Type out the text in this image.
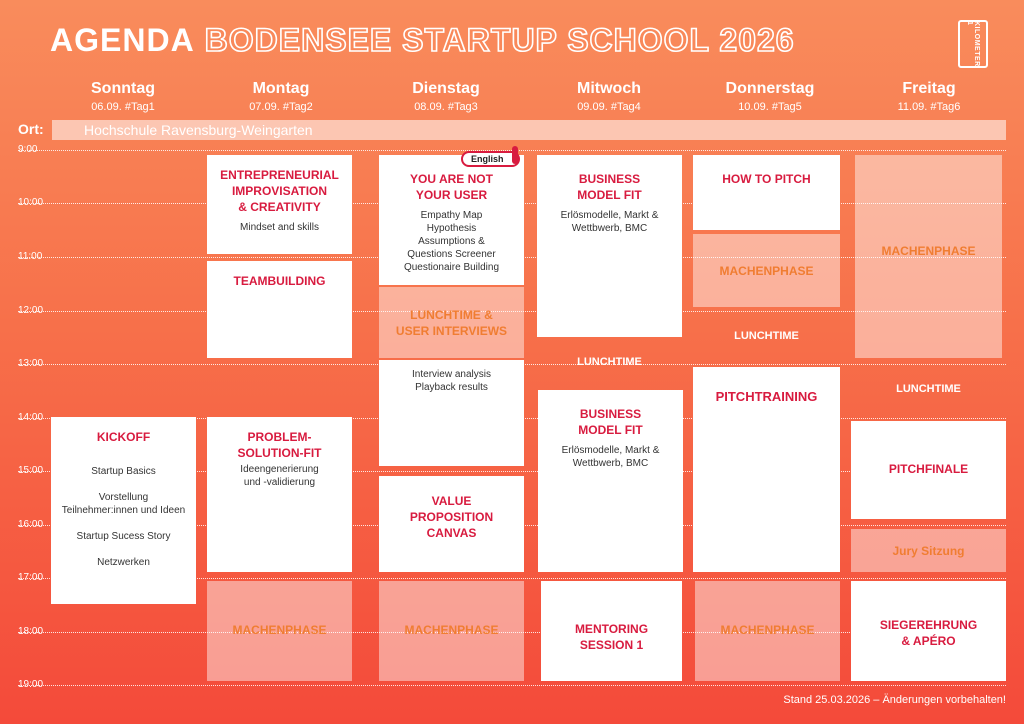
AGENDA BODENSEE STARTUP SCHOOL 2026	KILOMETER 1
Sonntag
06.09. #Tag1
Montag
07.09. #Tag2
Dienstag
08.09. #Tag3
Mitwoch
09.09. #Tag4
Donnerstag
10.09. #Tag5
Freitag
11.09. #Tag6
Ort:	Hochschule Ravensburg-Weingarten
9:00
10:00
11:00
12:00
13:00
14:00
15:00
16:00
17:00
18:00
19:00
KICKOFF
Startup Basics

Vorstellung
Teilnehmer:innen und Ideen

Startup Sucess Story

Netzwerken
ENTREPRENEURIAL
IMPROVISATION
& CREATIVITY
Mindset and skills
TEAMBUILDING
PROBLEM-
SOLUTION-FIT
Ideengenerierung
und -validierung
MACHENPHASE
YOU ARE NOT
YOUR USER
Empathy Map
Hypothesis
Assumptions &
Questions Screener
Questionaire Building
LUNCHTIME &
USER INTERVIEWS
Interview analysis
Playback results
VALUE
PROPOSITION
CANVAS
MACHENPHASE
English
BUSINESS
MODEL FIT
Erlösmodelle, Markt &
Wettbwerb, BMC
LUNCHTIME
BUSINESS
MODEL FIT
Erlösmodelle, Markt &
Wettbwerb, BMC
MENTORING
SESSION 1
HOW TO PITCH
MACHENPHASE
LUNCHTIME
PITCHTRAINING
MACHENPHASE
MACHENPHASE
LUNCHTIME
PITCHFINALE
Jury Sitzung
SIEGEREHRUNG
& APÉRO
Stand 25.03.2026 – Änderungen vorbehalten!
